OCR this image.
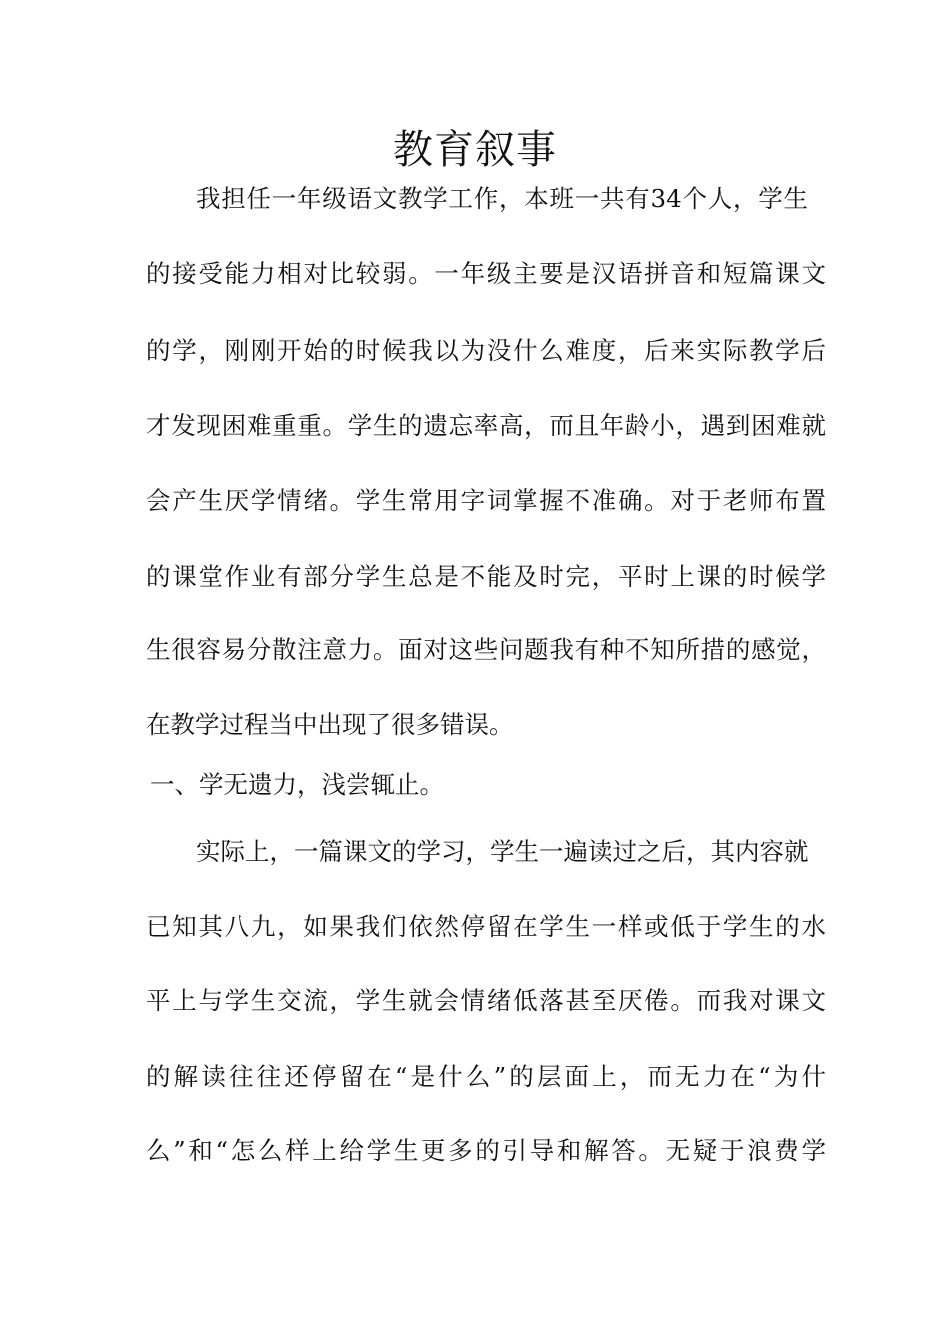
教育叙事
我担任一年级语文教学工作，本班一共有34个人，学生
的接受能力相对比较弱。一年级主要是汉语拼音和短篇课文
的学，刚刚开始的时候我以为没什么难度，后来实际教学后
才发现困难重重。学生的遗忘率高，而且年龄小，遇到困难就
会产生厌学情绪。学生常用字词掌握不准确。对于老师布置
的课堂作业有部分学生总是不能及时完，平时上课的时候学
生很容易分散注意力。面对这些问题我有种不知所措的感觉，
在教学过程当中出现了很多错误。
一、学无遗力，浅尝辄止。
实际上，一篇课文的学习，学生一遍读过之后，其内容就
已知其八九，如果我们依然停留在学生一样或低于学生的水
平上与学生交流，学生就会情绪低落甚至厌倦。而我对课文
的解读往往还停留在“是什么”的层面上，而无力在“为什
么”和“怎么样上给学生更多的引导和解答。无疑于浪费学
